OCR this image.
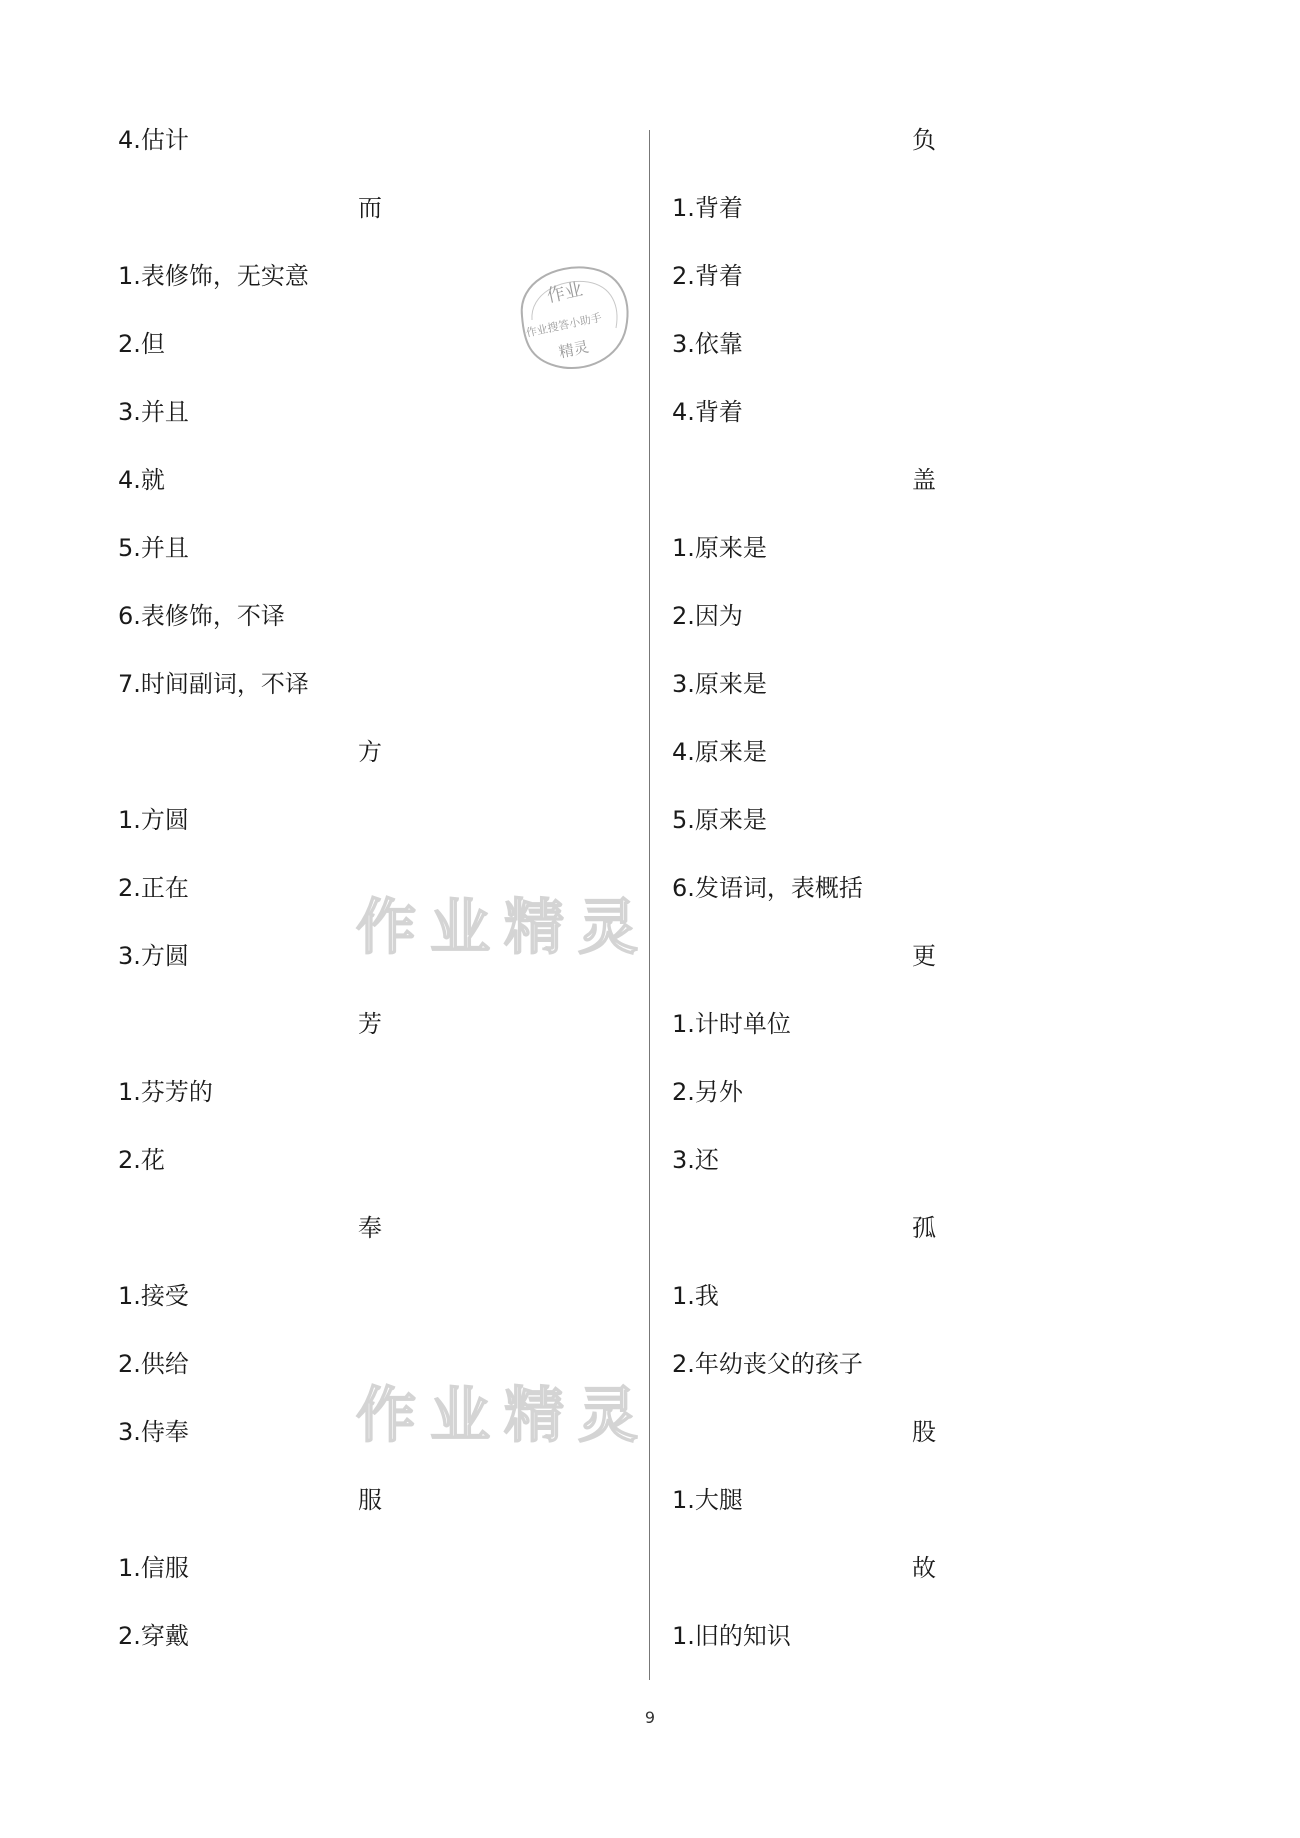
4.估计
而
1.表修饰，无实意
2.但
3.并且
4.就
5.并且
6.表修饰，不译
7.时间副词，不译
方
1.方圆
2.正在
3.方圆
芳
1.芬芳的
2.花
奉
1.接受
2.供给
3.侍奉
服
1.信服
2.穿戴
负
1.背着
2.背着
3.依靠
4.背着
盖
1.原来是
2.因为
3.原来是
4.原来是
5.原来是
6.发语词，表概括
更
1.计时单位
2.另外
3.还
孤
1.我
2.年幼丧父的孩子
股
1.大腿
故
1.旧的知识
作业
作业搜答小助手
精灵
作业精灵
作业精灵
9
